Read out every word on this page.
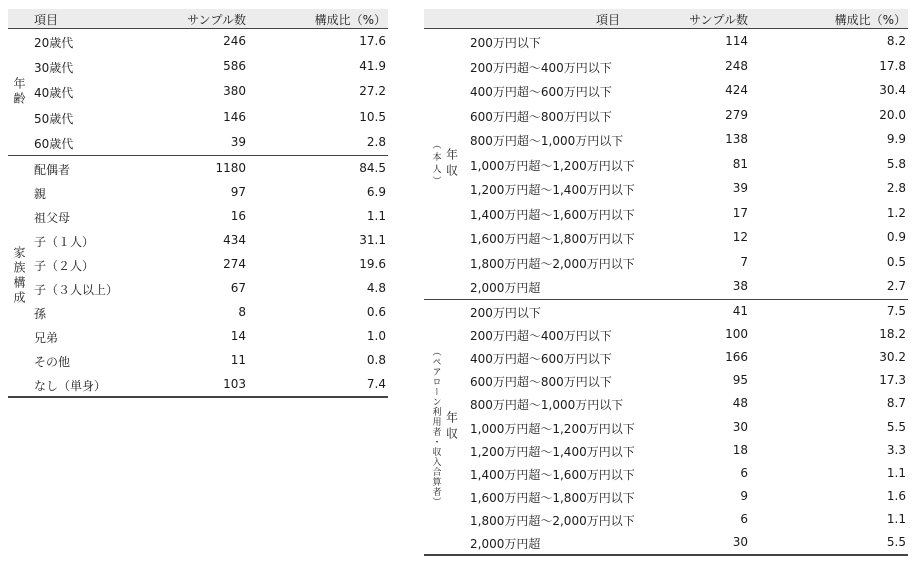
項目	サンプル数	構成比（%）
年齢
20歳代	246	17.6
30歳代	586	41.9
40歳代	380	27.2
50歳代	146	10.5
60歳代	39	2.8
家族構成
配偶者	1180	84.5
親	97	6.9
祖父母	16	1.1
子（１人）	434	31.1
子（２人）	274	19.6
子（３人以上）	67	4.8
孫	8	0.6
兄弟	14	1.0
その他	11	0.8
なし（単身）	103	7.4
項目	サンプル数	構成比（%）
（本人） 年収
200万円以下	114	8.2
200万円超～400万円以下	248	17.8
400万円超～600万円以下	424	30.4
600万円超～800万円以下	279	20.0
800万円超～1,000万円以下	138	9.9
1,000万円超～1,200万円以下	81	5.8
1,200万円超～1,400万円以下	39	2.8
1,400万円超～1,600万円以下	17	1.2
1,600万円超～1,800万円以下	12	0.9
1,800万円超～2,000万円以下	7	0.5
2,000万円超	38	2.7
（ペアローン利用者・収入合算者） 年収
200万円以下	41	7.5
200万円超～400万円以下	100	18.2
400万円超～600万円以下	166	30.2
600万円超～800万円以下	95	17.3
800万円超～1,000万円以下	48	8.7
1,000万円超～1,200万円以下	30	5.5
1,200万円超～1,400万円以下	18	3.3
1,400万円超～1,600万円以下	6	1.1
1,600万円超～1,800万円以下	9	1.6
1,800万円超～2,000万円以下	6	1.1
2,000万円超	30	5.5
